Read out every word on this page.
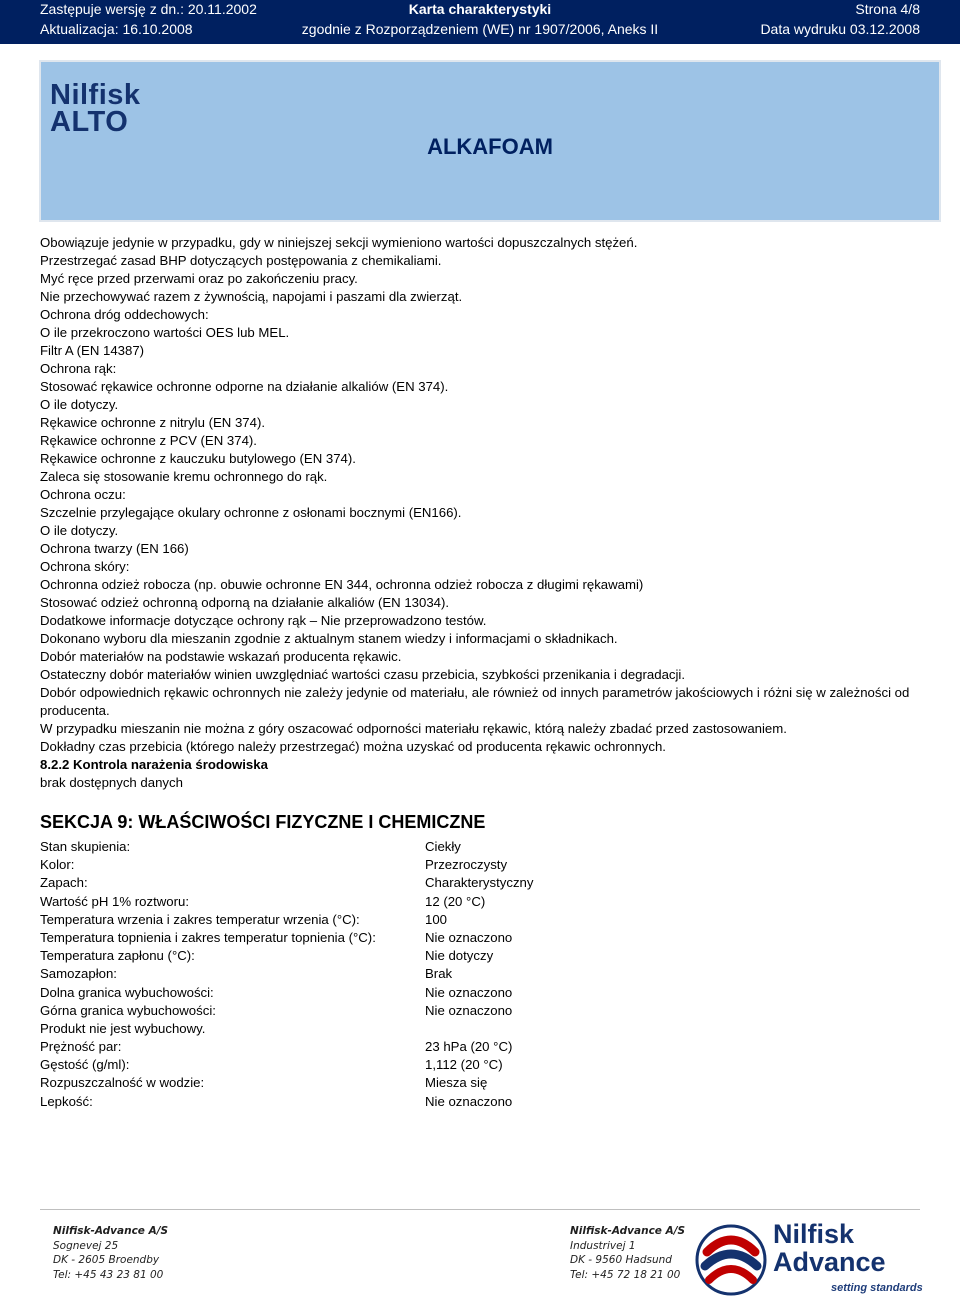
Zastępuje wersję z dn.: 20.11.2002	Karta charakterystyki	Strona 4/8
Aktualizacja: 16.10.2008	zgodnie z Rozporządzeniem (WE) nr 1907/2006, Aneks II	Data wydruku 03.12.2008
Nilfisk
ALTO
ALKAFOAM
Obowiązuje jedynie w przypadku, gdy w niniejszej sekcji wymieniono wartości dopuszczalnych stężeń.
Przestrzegać zasad BHP dotyczących postępowania z chemikaliami.
Myć ręce przed przerwami oraz po zakończeniu pracy.
Nie przechowywać razem z żywnością, napojami i paszami dla zwierząt.
Ochrona dróg oddechowych:
O ile przekroczono wartości OES lub MEL.
Filtr A (EN 14387)
Ochrona rąk:
Stosować rękawice ochronne odporne na działanie alkaliów (EN 374).
O ile dotyczy.
Rękawice ochronne z nitrylu (EN 374).
Rękawice ochronne z PCV (EN 374).
Rękawice ochronne z kauczuku butylowego (EN 374).
Zaleca się stosowanie kremu ochronnego do rąk.
Ochrona oczu:
Szczelnie przylegające okulary ochronne z osłonami bocznymi (EN166).
O ile dotyczy.
Ochrona twarzy (EN 166)
Ochrona skóry:
Ochronna odzież robocza (np. obuwie ochronne EN 344, ochronna odzież robocza z długimi rękawami)
Stosować odzież ochronną odporną na działanie alkaliów (EN 13034).
Dodatkowe informacje dotyczące ochrony rąk – Nie przeprowadzono testów.
Dokonano wyboru dla mieszanin zgodnie z aktualnym stanem wiedzy i informacjami o składnikach.
Dobór materiałów na podstawie wskazań producenta rękawic.
Ostateczny dobór materiałów winien uwzględniać wartości czasu przebicia, szybkości przenikania i degradacji.
Dobór odpowiednich rękawic ochronnych nie zależy jedynie od materiału, ale również od innych parametrów jakościowych i różni się w zależności od producenta.
W przypadku mieszanin nie można z góry oszacować odporności materiału rękawic, którą należy zbadać przed zastosowaniem.
Dokładny czas przebicia (którego należy przestrzegać) można uzyskać od producenta rękawic ochronnych.
8.2.2 Kontrola narażenia środowiska
brak dostępnych danych
SEKCJA 9: WŁAŚCIWOŚCI FIZYCZNE I CHEMICZNE
Stan skupienia:	Ciekły
Kolor:	Przezroczysty
Zapach:	Charakterystyczny
Wartość pH 1% roztworu:	12 (20 °C)
Temperatura wrzenia i zakres temperatur wrzenia (°C):	100
Temperatura topnienia i zakres temperatur topnienia (°C):	Nie oznaczono
Temperatura zapłonu (°C):	Nie dotyczy
Samozapłon:	Brak
Dolna granica wybuchowości:	Nie oznaczono
Górna granica wybuchowości:	Nie oznaczono
Produkt nie jest wybuchowy.
Prężność par:	23 hPa (20 °C)
Gęstość (g/ml):	1,112 (20 °C)
Rozpuszczalność w wodzie:	Miesza się
Lepkość:	Nie oznaczono
Nilfisk-Advance A/S
Sognevej 25
DK - 2605 Broendby
Tel: +45 43 23 81 00
Nilfisk-Advance A/S
Industrivej 1
DK - 9560 Hadsund
Tel: +45 72 18 21 00
Nilfisk
Advance
setting standards
